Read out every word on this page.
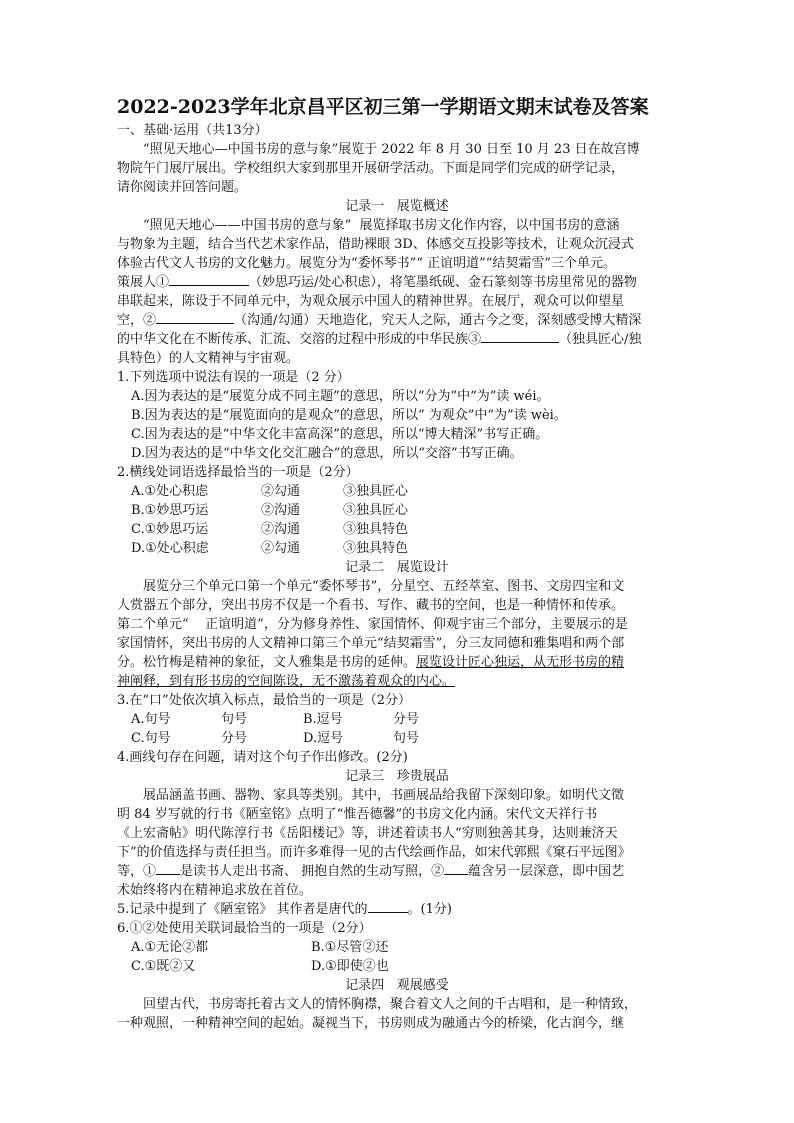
2022-2023学年北京昌平区初三第一学期语文期末试卷及答案
一、基础·运用（共13分）
“照见天地心—中国书房的意与象”展览于 2022 年 8 月 30 日至 10 月 23 日在故宫博
物院午门展厅展出。学校组织大家到那里开展研学活动。下面是同学们完成的研学记录，
请你阅读并回答问题。
记录一   展览概述
“照见天地心——中国书房的意与象”  展览择取书房文化作内容，以中国书房的意涵
与物象为主题，结合当代艺术家作品，借助裸眼 3D、体感交互投影等技术，让观众沉浸式
体验古代文人书房的文化魅力。展览分为“委怀琴书”“ 正谊明道”“结契霜雪”三个单元。
策展人①	（妙思巧运/处心积虑），将笔墨纸砚、金石篆刻等书房里常见的器物
串联起来，陈设于不同单元中，为观众展示中国人的精神世界。在展厅，观众可以仰望星
空，②	（沟通/勾通）天地造化，究天人之际，通古今之变，深刻感受博大精深
的中华文化在不断传承、汇流、交溶的过程中形成的中华民族③	（独具匠心/独
具特色）的人文精神与宇宙观。
1.下列选项中说法有误的一项是（2 分）
A.因为表达的是“展览分成不同主题”的意思，所以“分为”中“为”读 wéi。
B.因为表达的是“展览面向的是观众”的意思，所以“ 为观众”中“为”读 wèi。
C.因为表达的是“中华文化丰富高深”的意思，所以“博大精深”书写正确。
D.因为表达的是“中华文化交汇融合”的意思，所以“交溶”书写正确。
2.横线处词语选择最恰当的一项是（2分）
A.①处心积虑	②勾通	③独具匠心
B.①妙思巧运	②沟通	③独具匠心
C.①妙思巧运	②沟通	③独具特色
D.①处心积虑	②勾通	③独具特色
记录二   展览设计
展览分三个单元口第一个单元“委怀琴书”，分星空、五经萃室、图书、文房四宝和文
人赏器五个部分，突出书房不仅是一个看书、写作、藏书的空间，也是一种情怀和传承。
第二个单元“    正谊明道”，分为修身养性、家国情怀、仰观宇宙三个部分，主要展示的是
家国情怀，突出书房的人文精神口第三个单元“结契霜雪”，分三友同德和雅集唱和两个部
分。松竹梅是精神的象征，文人雅集是书房的延伸。展览设计匠心独运，从无形书房的精
神阐释，到有形书房的空间陈设，无不激荡着观众的内心。
3.在“口”处依次填入标点，最恰当的一项是（2分）
A.句号	句号	B.逗号	分号
C.句号	分号	D.逗号	句号
4.画线句存在问题，请对这个句子作出修改。(2分)
记录三   珍贵展品
展品涵盖书画、器物、家具等类别。其中，书画展品给我留下深刻印象。如明代文徵
明 84 岁写就的行书《陋室铭》点明了“惟吾德馨”的书房文化内涵。宋代文天祥行书
《上宏斋帖》明代陈淳行书《岳阳楼记》等，讲述着读书人“穷则独善其身，达则兼济天
下”的价值选择与责任担当。而许多难得一见的古代绘画作品，如宋代郭熙《窠石平远图》
等，① 是读书人走出书斋、 拥抱自然的生动写照，② 蕴含另一层深意，即中国艺
术始终将内在精神追求放在首位。
5.记录中提到了《陋室铭》 其作者是唐代的	。(1分)
6.①②处使用关联词最恰当的一项是（2分）
A.①无论②都	B.①尽管②还
C.①既②又	D.①即使②也
记录四   观展感受
回望古代，书房寄托着古文人的情怀胸襟，聚合着文人之间的千古唱和，是一种情致，
一种观照，一种精神空间的起始。凝视当下，书房则成为融通古今的桥梁，化古润今，继
